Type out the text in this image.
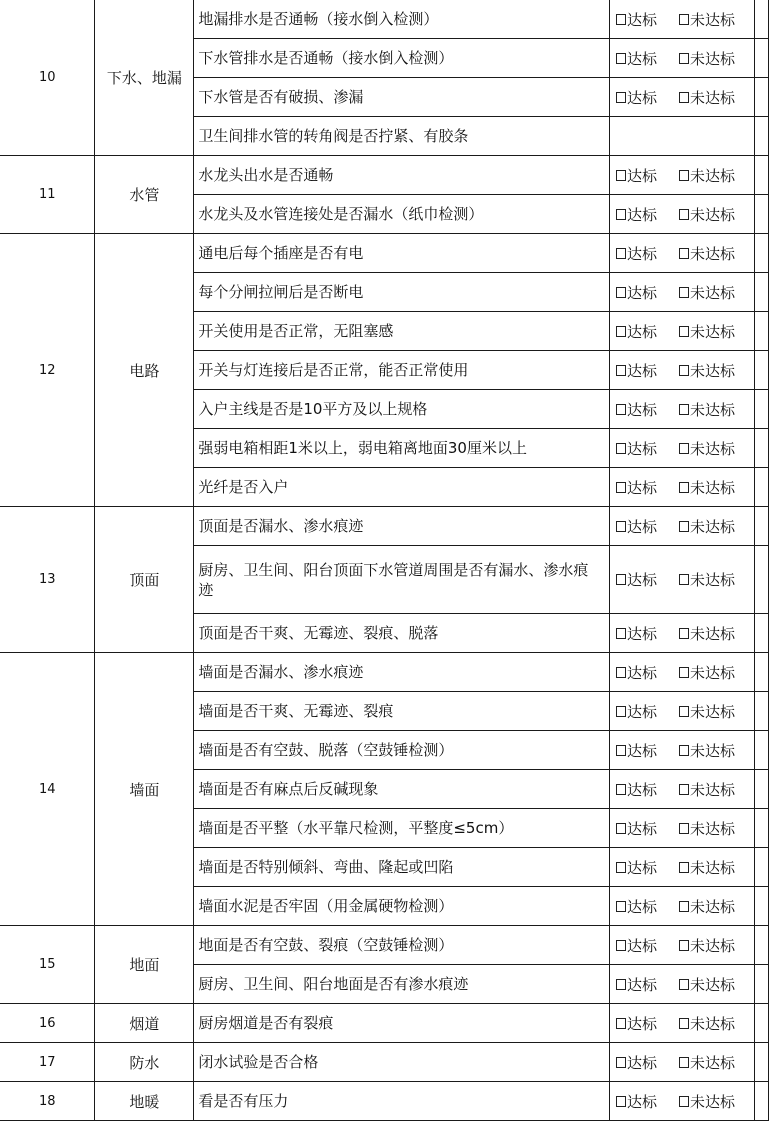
10	下水、地漏	地漏排水是否通畅（接水倒入检测）	达标 未达标	

		下水管排水是否通畅（接水倒入检测）	达标 未达标	

		下水管是否有破损、渗漏	达标 未达标	

		卫生间排水管的转角阀是否拧紧、有胶条		
11	水管	水龙头出水是否通畅	达标 未达标	

		水龙头及水管连接处是否漏水（纸巾检测）	达标 未达标	

12	电路	通电后每个插座是否有电	达标 未达标	

		每个分闸拉闸后是否断电	达标 未达标	

		开关使用是否正常，无阻塞感	达标 未达标	

		开关与灯连接后是否正常，能否正常使用	达标 未达标	

		入户主线是否是10平方及以上规格	达标 未达标	

		强弱电箱相距1米以上，弱电箱离地面30厘米以上	达标 未达标	

		光纤是否入户	达标 未达标	

13	顶面	顶面是否漏水、渗水痕迹	达标 未达标	

		厨房、卫生间、阳台顶面下水管道周围是否有漏水、渗水痕迹	达标 未达标	

		顶面是否干爽、无霉迹、裂痕、脱落	达标 未达标	

14	墙面	墙面是否漏水、渗水痕迹	达标 未达标	

		墙面是否干爽、无霉迹、裂痕	达标 未达标	

		墙面是否有空鼓、脱落（空鼓锤检测）	达标 未达标	

		墙面是否有麻点后反碱现象	达标 未达标	

		墙面是否平整（水平靠尺检测，平整度≤5cm）	达标 未达标	

		墙面是否特别倾斜、弯曲、隆起或凹陷	达标 未达标	

		墙面水泥是否牢固（用金属硬物检测）	达标 未达标	

15	地面	地面是否有空鼓、裂痕（空鼓锤检测）	达标 未达标	

		厨房、卫生间、阳台地面是否有渗水痕迹	达标 未达标	

16	烟道	厨房烟道是否有裂痕	达标 未达标	

17	防水	闭水试验是否合格	达标 未达标	

18	地暖	看是否有压力	达标 未达标	
